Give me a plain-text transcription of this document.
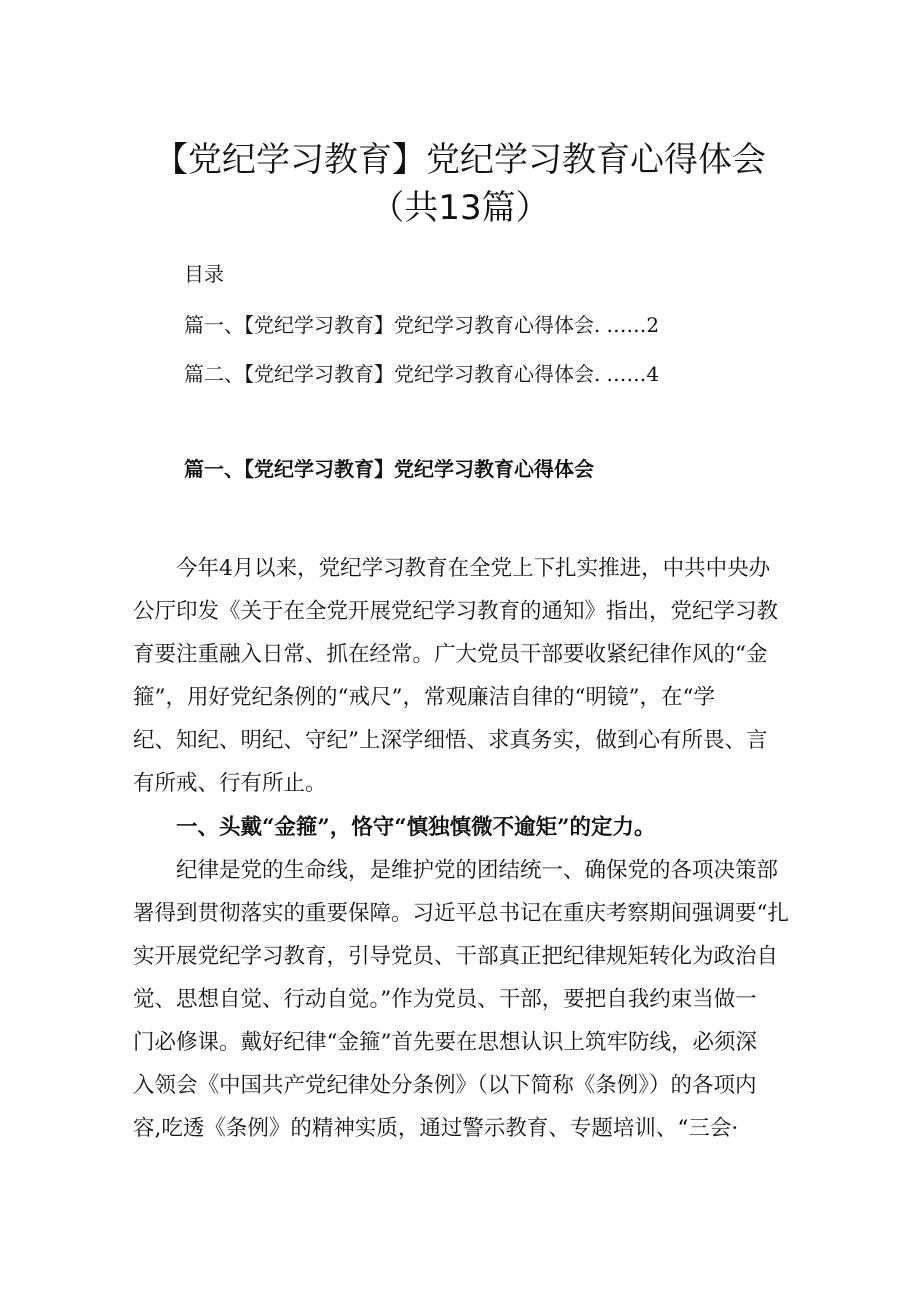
【党纪学习教育】党纪学习教育心得体会
（共13篇）
目录
篇一、【党纪学习教育】党纪学习教育心得体会. ……2
篇二、【党纪学习教育】党纪学习教育心得体会. ……4
篇一、【党纪学习教育】党纪学习教育心得体会
　　今年4月以来，党纪学习教育在全党上下扎实推进，中共中央办
公厅印发《关于在全党开展党纪学习教育的通知》指出，党纪学习教
育要注重融入日常、抓在经常。广大党员干部要收紧纪律作风的“金
箍”，用好党纪条例的“戒尺”，常观廉洁自律的“明镜”，在“学
纪、知纪、明纪、守纪”上深学细悟、求真务实，做到心有所畏、言
有所戒、行有所止。
　　一、头戴“金箍”，恪守“慎独慎微不逾矩”的定力。
　　纪律是党的生命线，是维护党的团结统一、确保党的各项决策部
署得到贯彻落实的重要保障。习近平总书记在重庆考察期间强调要“扎
实开展党纪学习教育，引导党员、干部真正把纪律规矩转化为政治自
觉、思想自觉、行动自觉。”作为党员、干部，要把自我约束当做一
门必修课。戴好纪律“金箍”首先要在思想认识上筑牢防线，必须深
入领会《中国共产党纪律处分条例》（以下简称《条例》）的各项内
容,吃透《条例》的精神实质，通过警示教育、专题培训、“三会·
